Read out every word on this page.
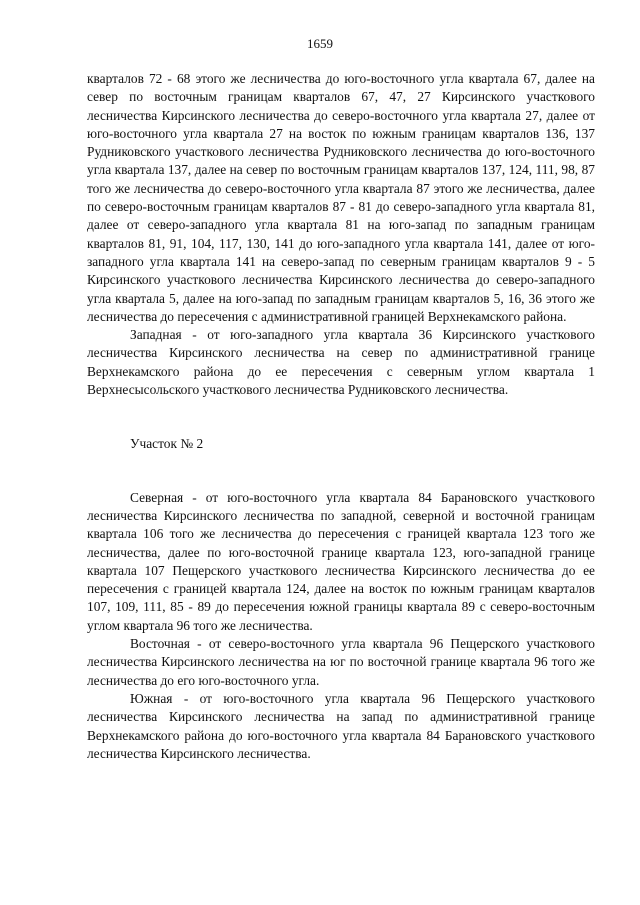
1659

кварталов 72 - 68 этого же лесничества до юго-восточного угла квартала 67, далее на север по восточным границам кварталов 67, 47, 27 Кирсинского участкового лесничества Кирсинского лесничества до северо-восточного угла квартала 27, далее от юго-восточного угла квартала 27 на восток по южным границам кварталов 136, 137 Рудниковского участкового лесничества Рудниковского лесничества до юго-восточного угла квартала 137, далее на север по восточным границам кварталов 137, 124, 111, 98, 87 того же лесничества до северо-восточного угла квартала 87 этого же лесничества, далее по северо-восточным границам кварталов 87 - 81 до северо-западного угла квартала 81, далее от северо-западного угла квартала 81 на юго-запад по западным границам кварталов 81, 91, 104, 117, 130, 141 до юго-западного угла квартала 141, далее от юго-западного угла квартала 141 на северо-запад по северным границам кварталов 9 - 5 Кирсинского участкового лесничества Кирсинского лесничества до северо-западного угла квартала 5, далее на юго-запад по западным границам кварталов 5, 16, 36 этого же лесничества до пересечения с административной границей Верхнекамского района.

Западная - от юго-западного угла квартала 36 Кирсинского участкового лесничества Кирсинского лесничества на север по административной границе Верхнекамского района до ее пересечения с северным углом квартала 1 Верхнесысольского участкового лесничества Рудниковского лесничества.

Участок № 2

Северная - от юго-восточного угла квартала 84 Барановского участкового лесничества Кирсинского лесничества по западной, северной и восточной границам квартала 106 того же лесничества до пересечения с границей квартала 123 того же лесничества, далее по юго-восточной границе квартала 123, юго-западной границе квартала 107 Пещерского участкового лесничества Кирсинского лесничества до ее пересечения с границей квартала 124, далее на восток по южным границам кварталов 107, 109, 111, 85 - 89 до пересечения южной границы квартала 89 с северо-восточным углом квартала 96 того же лесничества.

Восточная - от северо-восточного угла квартала 96 Пещерского участкового лесничества Кирсинского лесничества на юг по восточной границе квартала 96 того же лесничества до его юго-восточного угла.

Южная - от юго-восточного угла квартала 96 Пещерского участкового лесничества Кирсинского лесничества на запад по административной границе Верхнекамского района до юго-восточного угла квартала 84 Барановского участкового лесничества Кирсинского лесничества.
